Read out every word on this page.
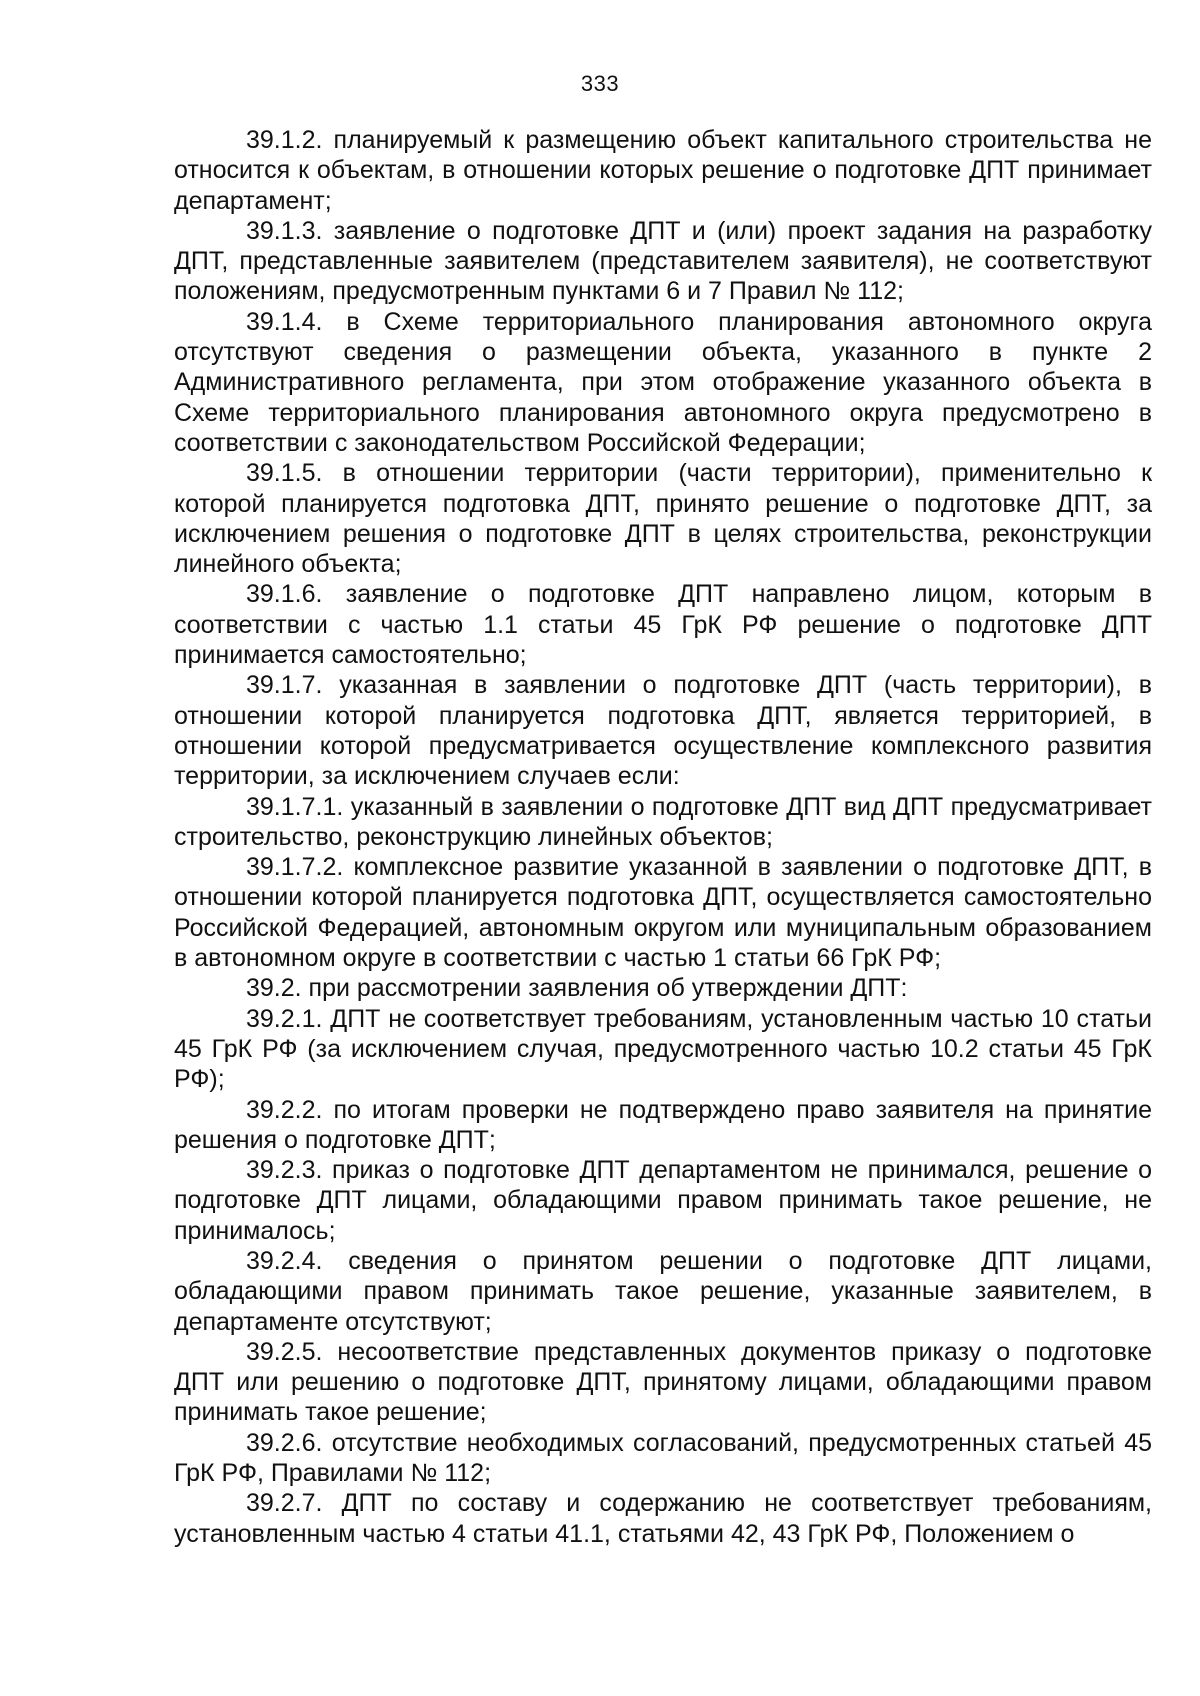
333

39.1.2. планируемый к размещению объект капитального строительства не относится к объектам, в отношении которых решение о подготовке ДПТ принимает департамент;

39.1.3. заявление о подготовке ДПТ и (или) проект задания на разработку ДПТ, представленные заявителем (представителем заявителя), не соответствуют положениям, предусмотренным пунктами 6 и 7 Правил № 112;

39.1.4. в Схеме территориального планирования автономного округа отсутствуют сведения о размещении объекта, указанного в пункте 2 Административного регламента, при этом отображение указанного объекта в Схеме территориального планирования автономного округа предусмотрено в соответствии с законодательством Российской Федерации;

39.1.5. в отношении территории (части территории), применительно к которой планируется подготовка ДПТ, принято решение о подготовке ДПТ, за исключением решения о подготовке ДПТ в целях строительства, реконструкции линейного объекта;

39.1.6. заявление о подготовке ДПТ направлено лицом, которым в соответствии с частью 1.1 статьи 45 ГрК РФ решение о подготовке ДПТ принимается самостоятельно;

39.1.7. указанная в заявлении о подготовке ДПТ (часть территории), в отношении которой планируется подготовка ДПТ, является территорией, в отношении которой предусматривается осуществление комплексного развития территории, за исключением случаев если:

39.1.7.1. указанный в заявлении о подготовке ДПТ вид ДПТ предусматривает строительство, реконструкцию линейных объектов;

39.1.7.2. комплексное развитие указанной в заявлении о подготовке ДПТ, в отношении которой планируется подготовка ДПТ, осуществляется самостоятельно Российской Федерацией, автономным округом или муниципальным образованием в автономном округе в соответствии с частью 1 статьи 66 ГрК РФ;

39.2. при рассмотрении заявления об утверждении ДПТ:

39.2.1. ДПТ не соответствует требованиям, установленным частью 10 статьи 45 ГрК РФ (за исключением случая, предусмотренного частью 10.2 статьи 45 ГрК РФ);

39.2.2. по итогам проверки не подтверждено право заявителя на принятие решения о подготовке ДПТ;

39.2.3. приказ о подготовке ДПТ департаментом не принимался, решение о подготовке ДПТ лицами, обладающими правом принимать такое решение, не принималось;

39.2.4. сведения о принятом решении о подготовке ДПТ лицами, обладающими правом принимать такое решение, указанные заявителем, в департаменте отсутствуют;

39.2.5. несоответствие представленных документов приказу о подготовке ДПТ или решению о подготовке ДПТ, принятому лицами, обладающими правом принимать такое решение;

39.2.6. отсутствие необходимых согласований, предусмотренных статьей 45 ГрК РФ, Правилами № 112;

39.2.7. ДПТ по составу и содержанию не соответствует требованиям, установленным частью 4 статьи 41.1, статьями 42, 43 ГрК РФ, Положением о
